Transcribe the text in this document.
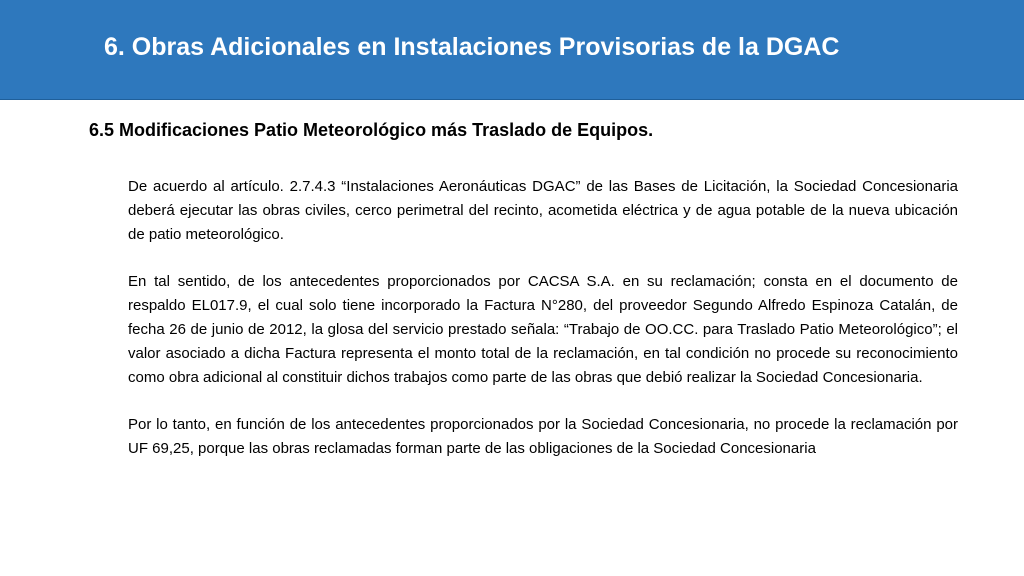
6. Obras Adicionales en Instalaciones Provisorias de la DGAC
6.5 Modificaciones Patio Meteorológico más Traslado de Equipos.

De acuerdo al artículo. 2.7.4.3 “Instalaciones Aeronáuticas DGAC” de las Bases de Licitación, la Sociedad Concesionaria deberá ejecutar las obras civiles, cerco perimetral del recinto, acometida eléctrica y de agua potable de la nueva ubicación de patio meteorológico.

En tal sentido, de los antecedentes proporcionados por CACSA S.A. en su reclamación; consta en el documento de respaldo EL017.9, el cual solo tiene incorporado la Factura N°280, del proveedor Segundo Alfredo Espinoza Catalán, de fecha 26 de junio de 2012, la glosa del servicio prestado señala: “Trabajo de OO.CC. para Traslado Patio Meteorológico”; el valor asociado a dicha Factura representa el monto total de la reclamación, en tal condición no procede su reconocimiento como obra adicional al constituir dichos trabajos como parte de las obras que debió realizar la Sociedad Concesionaria.

Por lo tanto, en función de los antecedentes proporcionados por la Sociedad Concesionaria, no procede la reclamación por UF 69,25, porque las obras reclamadas forman parte de las obligaciones de la Sociedad Concesionaria
